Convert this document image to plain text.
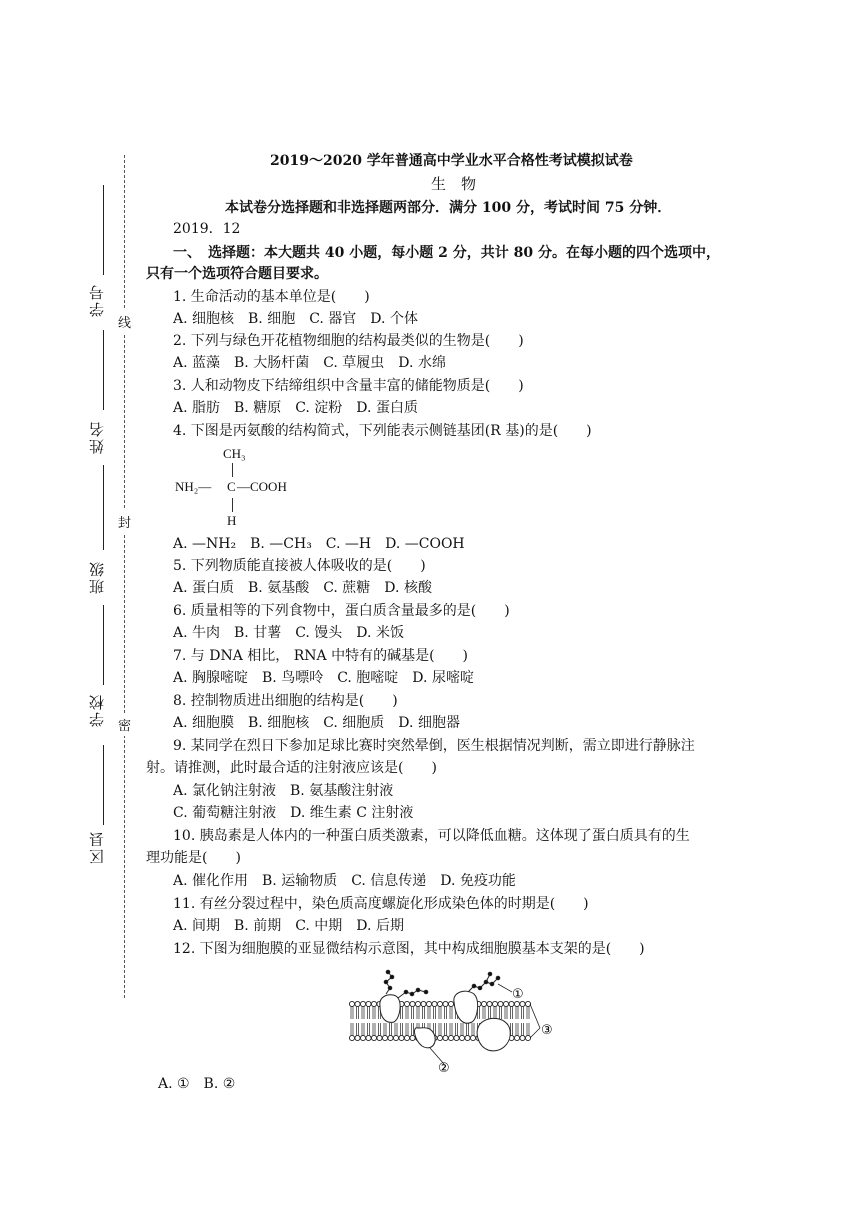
线
封
密
学号
姓名
班级
学校
区县
2019～2020 学年普通高中学业水平合格性考试模拟试卷
生　物
本试卷分选择题和非选择题两部分．满分 100 分，考试时间 75 分钟．
2019．12
一、　选择题：本大题共 40 小题，每小题 2 分，共计 80 分。在每小题的四个选项中，
只有一个选项符合题目要求。
1. 生命活动的基本单位是(　　)
A. 细胞核　B. 细胞　C. 器官　D. 个体
2. 下列与绿色开花植物细胞的结构最类似的生物是(　　)
A. 蓝藻　B. 大肠杆菌　C. 草履虫　D. 水绵
3. 人和动物皮下结缔组织中含量丰富的储能物质是(　　)
A. 脂肪　B. 糖原　C. 淀粉　D. 蛋白质
4. 下图是丙氨酸的结构简式，下列能表示侧链基团(R 基)的是(　　)
CH₃
NH₂— C —COOH
H
A. —NH₂　B. —CH₃　C. —H　D. —COOH
5. 下列物质能直接被人体吸收的是(　　)
A. 蛋白质　B. 氨基酸　C. 蔗糖　D. 核酸
6. 质量相等的下列食物中，蛋白质含量最多的是(　　)
A. 牛肉　B. 甘薯　C. 馒头　D. 米饭
7. 与 DNA 相比， RNA 中特有的碱基是(　　)
A. 胸腺嘧啶　B. 鸟嘌呤　C. 胞嘧啶　D. 尿嘧啶
8. 控制物质进出细胞的结构是(　　)
A. 细胞膜　B. 细胞核　C. 细胞质　D. 细胞器
9. 某同学在烈日下参加足球比赛时突然晕倒，医生根据情况判断，需立即进行静脉注
射。请推测，此时最合适的注射液应该是(　　)
A. 氯化钠注射液　B. 氨基酸注射液
C. 葡萄糖注射液　D. 维生素 C 注射液
10. 胰岛素是人体内的一种蛋白质类激素，可以降低血糖。这体现了蛋白质具有的生
理功能是(　　)
A. 催化作用　B. 运输物质　C. 信息传递　D. 免疫功能
11. 有丝分裂过程中，染色质高度螺旋化形成染色体的时期是(　　)
A. 间期　B. 前期　C. 中期　D. 后期
12. 下图为细胞膜的亚显微结构示意图，其中构成细胞膜基本支架的是(　　)
①
③
②
A. ①　B. ②
